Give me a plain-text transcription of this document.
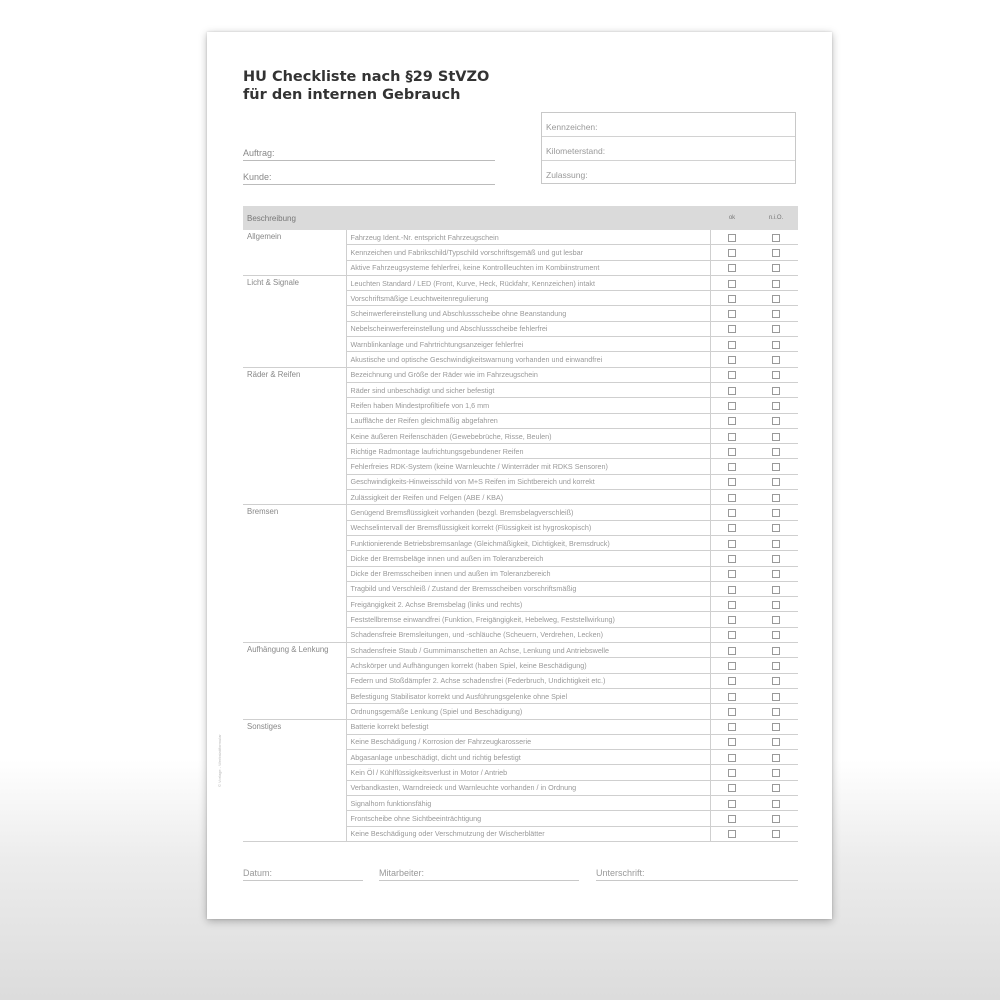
HU Checkliste nach §29 StVZO
für den internen Gebrauch
Auftrag:
Kunde:
Kennzeichen:
Kilometerstand:
Zulassung:
Beschreibung		ok	n.i.O.
Allgemein	Fahrzeug Ident.-Nr. entspricht Fahrzeugschein		
	Kennzeichen und Fabrikschild/Typschild vorschriftsgemäß und gut lesbar		
	Aktive Fahrzeugsysteme fehlerfrei, keine Kontrollleuchten im Kombiinstrument		
Licht & Signale	Leuchten Standard / LED (Front, Kurve, Heck, Rückfahr, Kennzeichen) intakt		
	Vorschriftsmäßige Leuchtweitenregulierung		
	Scheinwerfereinstellung und Abschlussscheibe ohne Beanstandung		
	Nebelscheinwerfereinstellung und Abschlussscheibe fehlerfrei		
	Warnblinkanlage und Fahrtrichtungsanzeiger fehlerfrei		
	Akustische und optische Geschwindigkeitswarnung vorhanden und einwandfrei		
Räder & Reifen	Bezeichnung und Größe der Räder wie im Fahrzeugschein		
	Räder sind unbeschädigt und sicher befestigt		
	Reifen haben Mindestprofiltiefe von 1,6 mm		
	Lauffläche der Reifen gleichmäßig abgefahren		
	Keine äußeren Reifenschäden (Gewebebrüche, Risse, Beulen)		
	Richtige Radmontage laufrichtungsgebundener Reifen		
	Fehlerfreies RDK-System (keine Warnleuchte / Winterräder mit RDKS Sensoren)		
	Geschwindigkeits-Hinweisschild von M+S Reifen im Sichtbereich und korrekt		
	Zulässigkeit der Reifen und Felgen (ABE / KBA)		
Bremsen	Genügend Bremsflüssigkeit vorhanden (bezgl. Bremsbelagverschleiß)		
	Wechselintervall der Bremsflüssigkeit korrekt (Flüssigkeit ist hygroskopisch)		
	Funktionierende Betriebsbremsanlage (Gleichmäßigkeit, Dichtigkeit, Bremsdruck)		
	Dicke der Bremsbeläge innen und außen im Toleranzbereich		
	Dicke der Bremsscheiben innen und außen im Toleranzbereich		
	Tragbild und Verschleiß / Zustand der Bremsscheiben vorschriftsmäßig		
	Freigängigkeit 2. Achse Bremsbelag (links und rechts)		
	Feststellbremse einwandfrei (Funktion, Freigängigkeit, Hebelweg, Feststellwirkung)		
	Schadensfreie Bremsleitungen, und -schläuche (Scheuern, Verdrehen, Lecken)		
Aufhängung & Lenkung	Schadensfreie Staub / Gummimanschetten an Achse, Lenkung und Antriebswelle		
	Achskörper und Aufhängungen korrekt (haben Spiel, keine Beschädigung)		
	Federn und Stoßdämpfer 2. Achse schadensfrei (Federbruch, Undichtigkeit etc.)		
	Befestigung Stabilisator korrekt und Ausführungsgelenke ohne Spiel		
	Ordnungsgemäße Lenkung (Spiel und Beschädigung)		
Sonstiges	Batterie korrekt befestigt		
	Keine Beschädigung / Korrosion der Fahrzeugkarosserie		
	Abgasanlage unbeschädigt, dicht und richtig befestigt		
	Kein Öl / Kühlflüssigkeitsverlust in Motor / Antrieb		
	Verbandkasten, Warndreieck und Warnleuchte vorhanden / in Ordnung		
	Signalhorn funktionsfähig		
	Frontscheibe ohne Sichtbeeinträchtigung		
	Keine Beschädigung oder Verschmutzung der Wischerblätter		
© Vorlage - Werkstattformular
Datum:	Mitarbeiter:	Unterschrift:
